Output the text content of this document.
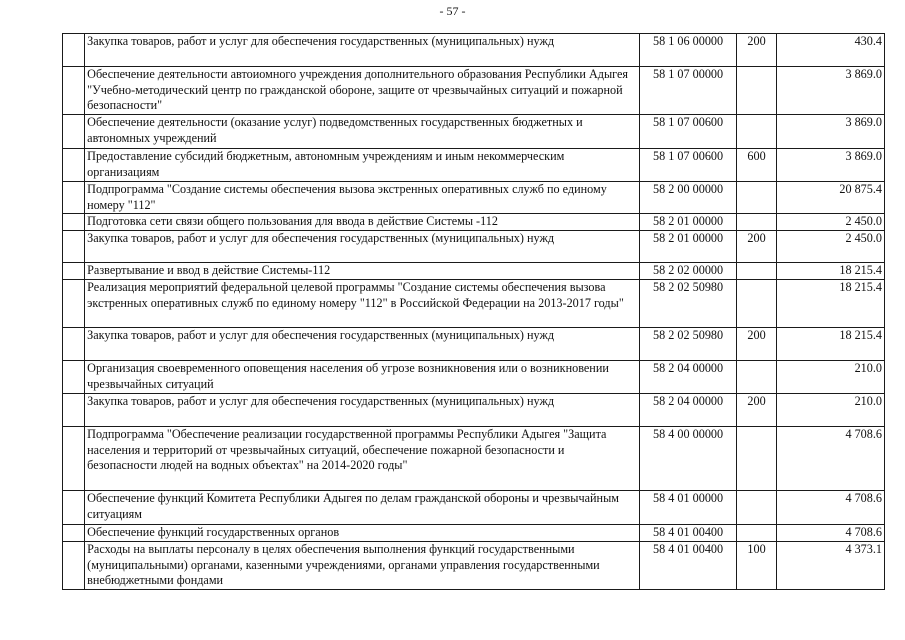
- 57 -
	Закупка товаров, работ и услуг для обеспечения государственных (муниципальных) нужд	58 1 06 00000	200	430.4
	Обеспечение деятельности автоиомного учреждения дополнительного образования Республики Адыгея "Учебно-методический центр по гражданской обороне, защите от чрезвычайных ситуаций и пожарной безопасности"	58 1 07 00000		3 869.0
	Обеспечение деятельности (оказание услуг) подведомственных государственных бюджетных и автономных учреждений	58 1 07 00600		3 869.0
	Предоставление субсидий бюджетным, автономным учреждениям и иным некоммерческим организациям	58 1 07 00600	600	3 869.0
	Подпрограмма "Создание системы обеспечения вызова экстренных оперативных служб по единому номеру "112"	58 2 00 00000		20 875.4
	Подготовка сети связи общего пользования для ввода в действие Системы -112	58 2 01 00000		2 450.0
	Закупка товаров, работ и услуг для обеспечения государственных (муниципальных) нужд	58 2 01 00000	200	2 450.0
	Развертывание и ввод в действие Системы-112	58 2 02 00000		18 215.4
	Реализация мероприятий федеральной целевой программы "Создание системы обеспечения вызова экстренных оперативных служб по единому номеру "112" в Российской Федерации на 2013-2017 годы"	58 2 02 50980		18 215.4
	Закупка товаров, работ и услуг для обеспечения государственных (муниципальных) нужд	58 2 02 50980	200	18 215.4
	Организация своевременного оповещения населения об угрозе возникновения или о возникновении чрезвычайных ситуаций	58 2 04 00000		210.0
	Закупка товаров, работ и услуг для обеспечения государственных (муниципальных) нужд	58 2 04 00000	200	210.0
	Подпрограмма "Обеспечение реализации государственной программы Республики Адыгея "Защита населения и территорий от чрезвычайных ситуаций, обеспечение пожарной безопасности и безопасности людей на водных объектах" на 2014-2020 годы"	58 4 00 00000		4 708.6
	Обеспечение функций Комитета Республики Адыгея по делам гражданской обороны и чрезвычайным ситуациям	58 4 01 00000		4 708.6
	Обеспечение функций государственных органов	58 4 01 00400		4 708.6
	Расходы на выплаты персоналу в целях обеспечения выполнения функций государственными (муниципальными) органами, казенными учреждениями, органами управления государственными внебюджетными фондами	58 4 01 00400	100	4 373.1
